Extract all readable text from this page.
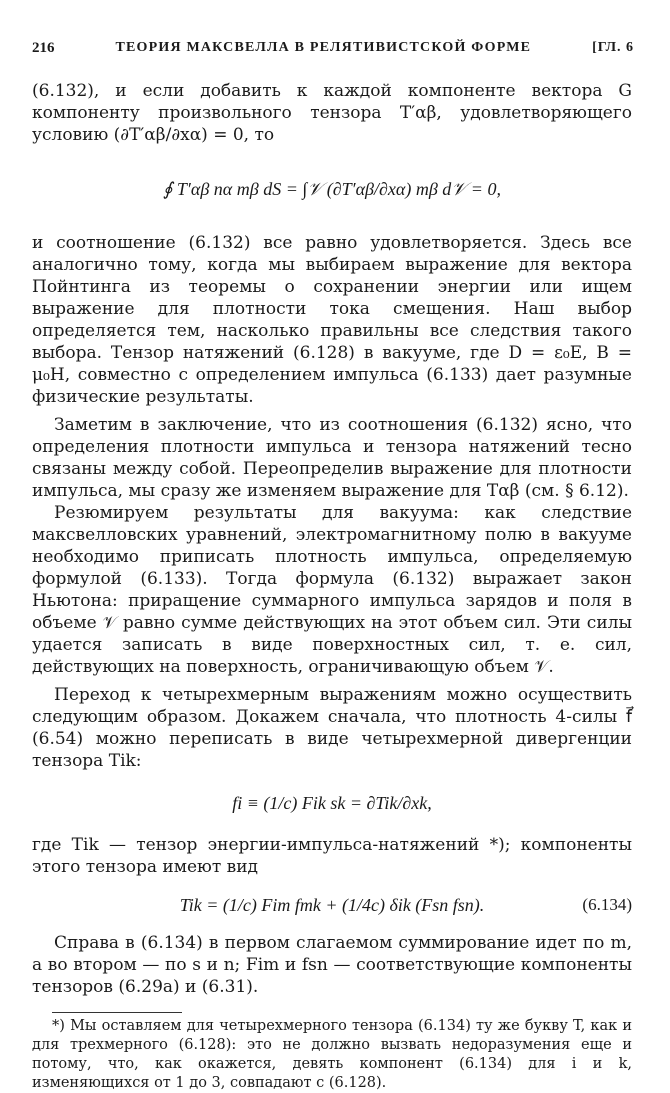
216	ТЕОРИЯ МАКСВЕЛЛА В РЕЛЯТИВИСТСКОЙ ФОРМЕ	[ГЛ. 6

(6.132), и если добавить к каждой компоненте вектора G компоненту произвольного тензора T′αβ, удовлетворяющего условию (∂T′αβ/∂xα) = 0, то

∮ T′αβ nα mβ dS = ∫𝒱 (∂T′αβ/∂xα) mβ d𝒱 = 0,

и соотношение (6.132) все равно удовлетворяется. Здесь все аналогично тому, когда мы выбираем выражение для вектора Пойнтинга из теоремы о сохранении энергии или ищем выражение для плотности тока смещения. Наш выбор определяется тем, насколько правильны все следствия такого выбора. Тензор натяжений (6.128) в вакууме, где D = ε₀E, B = μ₀H, совместно с определением импульса (6.133) дает разумные физические результаты.

Заметим в заключение, что из соотношения (6.132) ясно, что определения плотности импульса и тензора натяжений тесно связаны между собой. Переопределив выражение для плотности импульса, мы сразу же изменяем выражение для Tαβ (см. § 6.12).

Резюмируем результаты для вакуума: как следствие максвелловских уравнений, электромагнитному полю в вакууме необходимо приписать плотность импульса, определяемую формулой (6.133). Тогда формула (6.132) выражает закон Ньютона: приращение суммарного импульса зарядов и поля в объеме 𝒱 равно сумме действующих на этот объем сил. Эти силы удается записать в виде поверхностных сил, т. е. сил, действующих на поверхность, ограничивающую объем 𝒱.

Переход к четырехмерным выражениям можно осуществить следующим образом. Докажем сначала, что плотность 4-силы f⃗ (6.54) можно переписать в виде четырехмерной дивергенции тензора Tik:

fi ≡ (1/c) Fik sk = ∂Tik/∂xk,

где Tik — тензор энергии-импульса-натяжений *); компоненты этого тензора имеют вид

Tik = (1/c) Fim fmk + (1/4c) δik (Fsn fsn).	(6.134)

Справа в (6.134) в первом слагаемом суммирование идет по m, а во втором — по s и n; Fim и fsn — соответствующие компоненты тензоров (6.29а) и (6.31).

*) Мы оставляем для четырехмерного тензора (6.134) ту же букву T, как и для трехмерного (6.128): это не должно вызвать недоразумения еще и потому, что, как окажется, девять компонент (6.134) для i и k, изменяющихся от 1 до 3, совпадают с (6.128).
